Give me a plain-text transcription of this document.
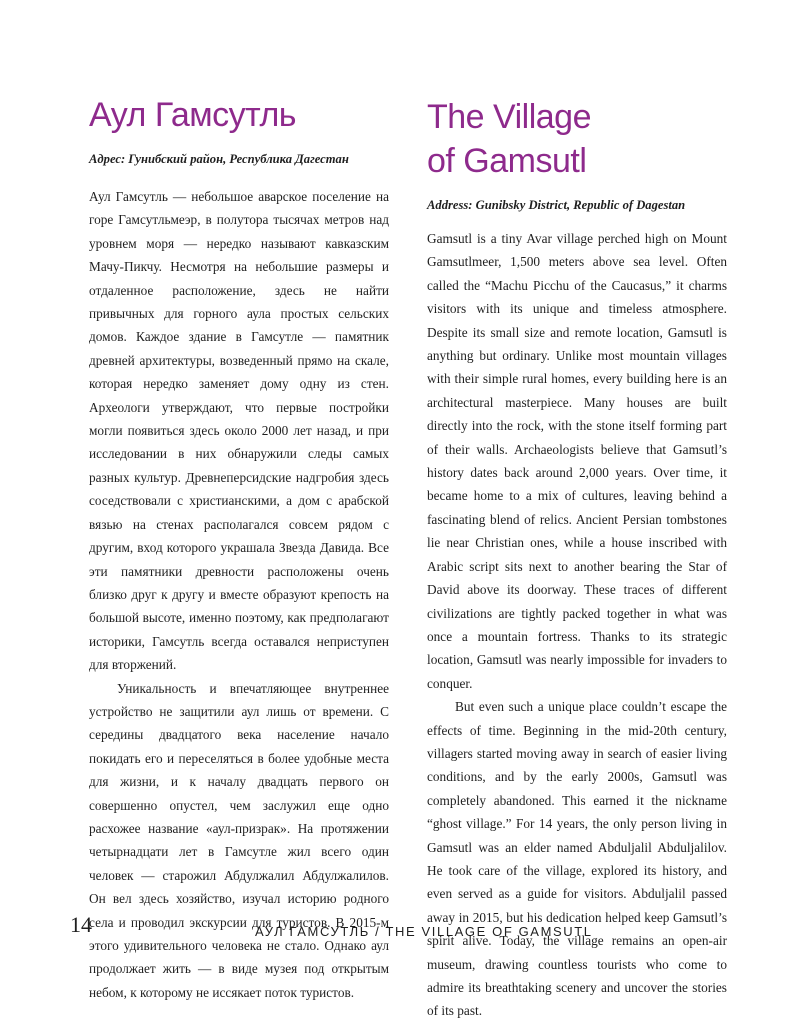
Аул Гамсутль

Адрес: Гунибский район, Республика Дагестан

Аул Гамсутль — небольшое аварское поселение на горе Гамсутльмеэр, в полутора тысячах метров над уровнем моря — нередко называют кавказским Мачу-Пикчу. Несмотря на небольшие размеры и отдаленное расположение, здесь не найти привычных для горного аула простых сельских домов. Каждое здание в Гамсутле — памятник древней архитектуры, возведенный прямо на скале, которая нередко заменяет дому одну из стен. Археологи утверждают, что первые постройки могли появиться здесь около 2000 лет назад, и при исследовании в них обнаружили следы самых разных культур. Древнеперсидские надгробия здесь соседствовали с христианскими, а дом с арабской вязью на стенах располагался совсем рядом с другим, вход которого украшала Звезда Давида. Все эти памятники древности расположены очень близко друг к другу и вместе образуют крепость на большой высоте, именно поэтому, как предполагают историки, Гамсутль всегда оставался неприступен для вторжений.

Уникальность и впечатляющее внутреннее устройство не защитили аул лишь от времени. С середины двадцатого века население начало покидать его и переселяться в более удобные места для жизни, и к началу двадцать первого он совершенно опустел, чем заслужил еще одно расхожее название «аул-призрак». На протяжении четырнадцати лет в Гамсутле жил всего один человек — старожил Абдулжалил Абдулжалилов. Он вел здесь хозяйство, изучал историю родного села и проводил экскурсии для туристов. В 2015-м этого удивительного человека не стало. Однако аул продолжает жить — в виде музея под открытым небом, к которому не иссякает поток туристов.

The Village
of Gamsutl

Address: Gunibsky District, Republic of Dagestan

Gamsutl is a tiny Avar village perched high on Mount Gamsutlmeer, 1,500 meters above sea level. Often called the “Machu Picchu of the Caucasus,” it charms visitors with its unique and timeless atmosphere. Despite its small size and remote location, Gamsutl is anything but ordinary. Unlike most mountain villages with their simple rural homes, every building here is an architectural masterpiece. Many houses are built directly into the rock, with the stone itself forming part of their walls. Archaeologists believe that Gamsutl’s history dates back around 2,000 years. Over time, it became home to a mix of cultures, leaving behind a fascinating blend of relics. Ancient Persian tombstones lie near Christian ones, while a house inscribed with Arabic script sits next to another bearing the Star of David above its doorway. These traces of different civilizations are tightly packed together in what was once a mountain fortress. Thanks to its strategic location, Gamsutl was nearly impossible for invaders to conquer.

But even such a unique place couldn’t escape the effects of time. Beginning in the mid-20th century, villagers started moving away in search of easier living conditions, and by the early 2000s, Gamsutl was completely abandoned. This earned it the nickname “ghost village.” For 14 years, the only person living in Gamsutl was an elder named Abduljalil Abduljalilov. He took care of the village, explored its history, and even served as a guide for visitors. Abduljalil passed away in 2015, but his dedication helped keep Gamsutl’s spirit alive. Today, the village remains an open-air museum, drawing countless tourists who come to admire its breathtaking scenery and uncover the stories of its past.

14	АУЛ ГАМСУТЛЬ / THE VILLAGE OF GAMSUTL
